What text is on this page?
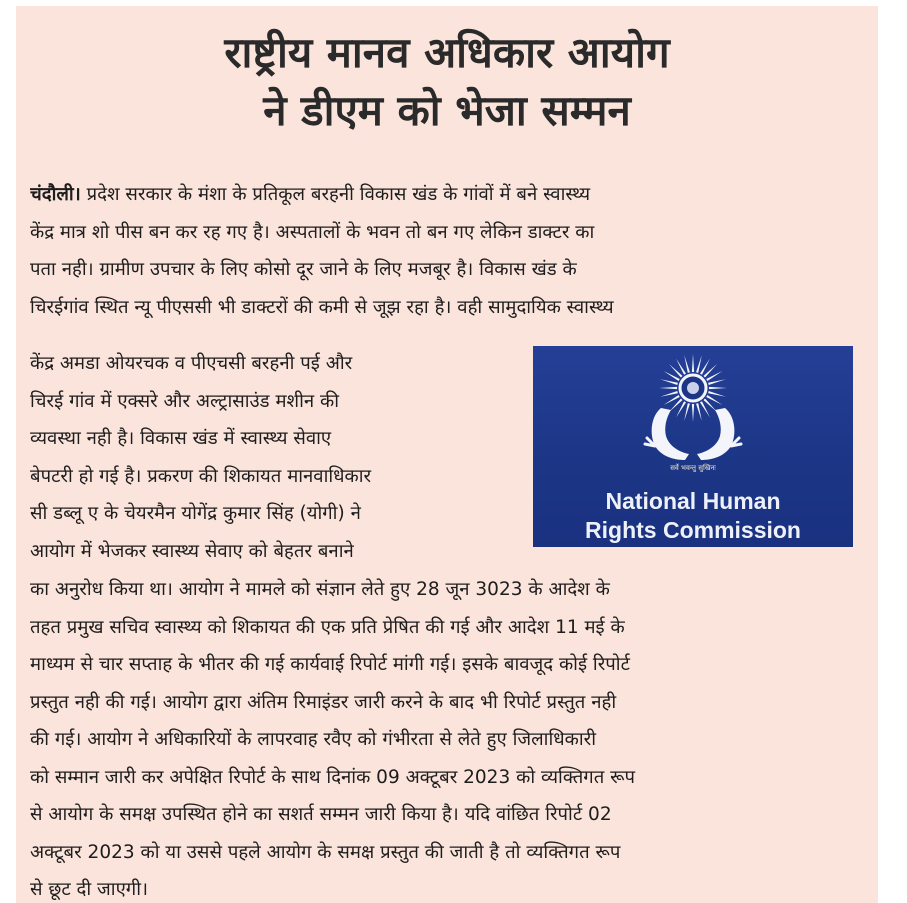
राष्ट्रीय मानव अधिकार आयोग
ने डीएम को भेजा सम्मन
चंदौली। प्रदेश सरकार के मंशा के प्रतिकूल बरहनी विकास खंड के गांवों में बने स्वास्थ्य
केंद्र मात्र शो पीस बन कर रह गए है। अस्पतालों के भवन तो बन गए लेकिन डाक्टर का
पता नही। ग्रामीण उपचार के लिए कोसो दूर जाने के लिए मजबूर है। विकास खंड के
चिरईगांव स्थित न्यू पीएससी भी डाक्टरों की कमी से जूझ रहा है। वही सामुदायिक स्वास्थ्य
केंद्र अमडा ओयरचक व पीएचसी बरहनी पई और
चिरई गांव में एक्सरे और अल्ट्रासाउंड मशीन की
व्यवस्था नही है। विकास खंड में स्वास्थ्य सेवाए
बेपटरी हो गई है। प्रकरण की शिकायत मानवाधिकार
सी डब्लू ए के चेयरमैन योगेंद्र कुमार सिंह (योगी) ने
आयोग में भेजकर स्वास्थ्य सेवाए को बेहतर बनाने
सर्वे भवन्तु सुखिनः
National Human
Rights Commission
का अनुरोध किया था। आयोग ने मामले को संज्ञान लेते हुए 28 जून 3023 के आदेश के
तहत प्रमुख सचिव स्वास्थ्य को शिकायत की एक प्रति प्रेषित की गई और आदेश 11 मई के
माध्यम से चार सप्ताह के भीतर की गई कार्यवाई रिपोर्ट मांगी गई। इसके बावजूद कोई रिपोर्ट
प्रस्तुत नही की गई। आयोग द्वारा अंतिम रिमाइंडर जारी करने के बाद भी रिपोर्ट प्रस्तुत नही
की गई। आयोग ने अधिकारियों के लापरवाह रवैए को गंभीरता से लेते हुए जिलाधिकारी
को सम्मान जारी कर अपेक्षित रिपोर्ट के साथ दिनांक 09 अक्टूबर 2023 को व्यक्तिगत रूप
से आयोग के समक्ष उपस्थित होने का सशर्त सम्मन जारी किया है। यदि वांछित रिपोर्ट 02
अक्टूबर 2023 को या उससे पहले आयोग के समक्ष प्रस्तुत की जाती है तो व्यक्तिगत रूप
से छूट दी जाएगी।
